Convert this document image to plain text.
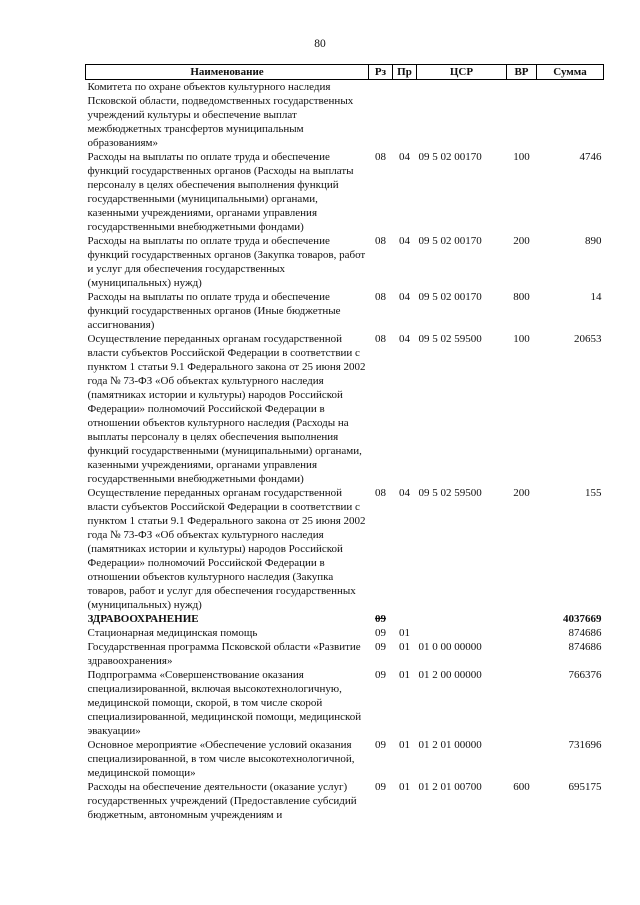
80
Наименование	Рз	Пр	ЦСР	ВР	Сумма
Комитета по охране объектов культурного наследия Псковской области, подведомственных государственных учреждений культуры и обеспечение выплат межбюджетных трансфертов муниципальным образованиям»					
Расходы на выплаты по оплате труда и обеспечение функций государственных органов (Расходы на выплаты персоналу в целях обеспечения выполнения функций государственными (муниципальными) органами, казенными учреждениями, органами управления государственными внебюджетными фондами)	08	04	09 5 02 00170	100	4746
Расходы на выплаты по оплате труда и обеспечение функций государственных органов (Закупка товаров, работ и услуг для обеспечения государственных (муниципальных) нужд)	08	04	09 5 02 00170	200	890
Расходы на выплаты по оплате труда и обеспечение функций государственных органов (Иные бюджетные ассигнования)	08	04	09 5 02 00170	800	14
Осуществление переданных органам государственной власти субъектов Российской Федерации в соответствии с пунктом 1 статьи 9.1 Федерального закона от 25 июня 2002 года № 73-ФЗ «Об объектах культурного наследия (памятниках истории и культуры) народов Российской Федерации» полномочий Российской Федерации в отношении объектов культурного наследия (Расходы на выплаты персоналу в целях обеспечения выполнения функций государственными (муниципальными) органами, казенными учреждениями, органами управления государственными внебюджетными фондами)	08	04	09 5 02 59500	100	20653
Осуществление переданных органам государственной власти субъектов Российской Федерации в соответствии с пунктом 1 статьи 9.1 Федерального закона от 25 июня 2002 года № 73-ФЗ «Об объектах культурного наследия (памятниках истории и культуры) народов Российской Федерации» полномочий Российской Федерации в отношении объектов культурного наследия (Закупка товаров, работ и услуг для обеспечения государственных (муниципальных) нужд)	08	04	09 5 02 59500	200	155
ЗДРАВООХРАНЕНИЕ	09				4037669
Стационарная медицинская помощь	09	01			874686
Государственная программа Псковской области «Развитие здравоохранения»	09	01	01 0 00 00000		874686
Подпрограмма «Совершенствование оказания специализированной, включая высокотехнологичную, медицинской помощи, скорой, в том числе скорой специализированной, медицинской помощи, медицинской эвакуации»	09	01	01 2 00 00000		766376
Основное мероприятие «Обеспечение условий оказания специализированной, в том числе высокотехнологичной, медицинской помощи»	09	01	01 2 01 00000		731696
Расходы на обеспечение деятельности (оказание услуг) государственных учреждений (Предоставление субсидий бюджетным, автономным учреждениям и	09	01	01 2 01 00700	600	695175
